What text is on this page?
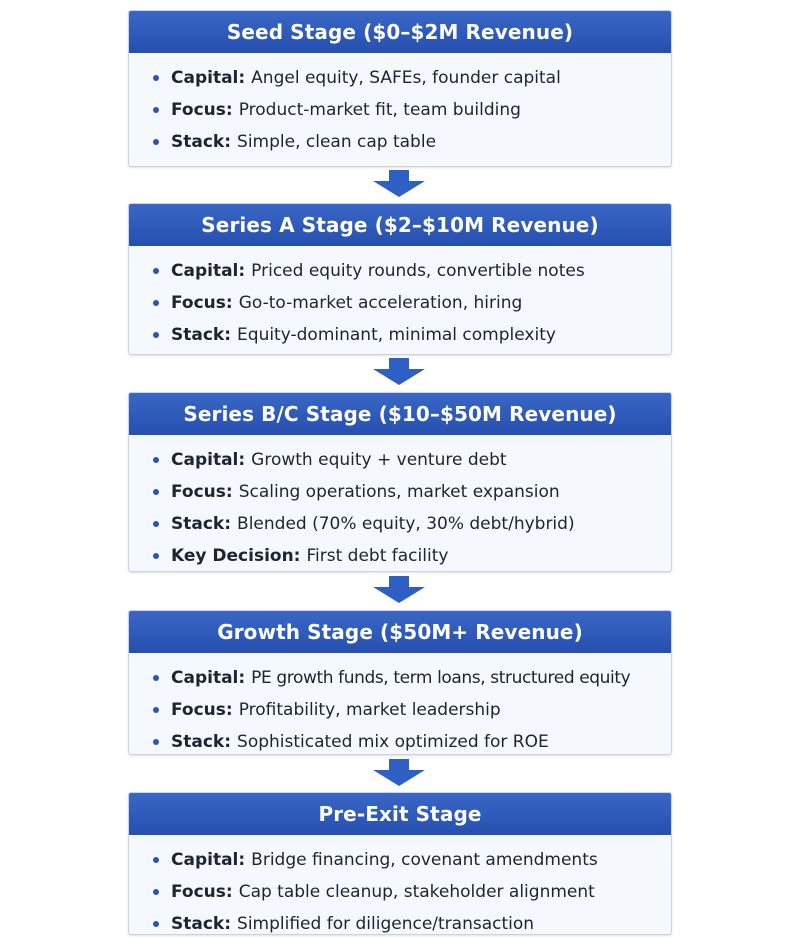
Seed Stage ($0–$2M Revenue)
Capital: Angel equity, SAFEs, founder capital
Focus: Product-market fit, team building
Stack: Simple, clean cap table
Series A Stage ($2–$10M Revenue)
Capital: Priced equity rounds, convertible notes
Focus: Go-to-market acceleration, hiring
Stack: Equity-dominant, minimal complexity
Series B/C Stage ($10–$50M Revenue)
Capital: Growth equity + venture debt
Focus: Scaling operations, market expansion
Stack: Blended (70% equity, 30% debt/hybrid)
Key Decision: First debt facility
Growth Stage ($50M+ Revenue)
Capital: PE growth funds, term loans, structured equity
Focus: Profitability, market leadership
Stack: Sophisticated mix optimized for ROE
Pre-Exit Stage
Capital: Bridge financing, covenant amendments
Focus: Cap table cleanup, stakeholder alignment
Stack: Simplified for diligence/transaction
